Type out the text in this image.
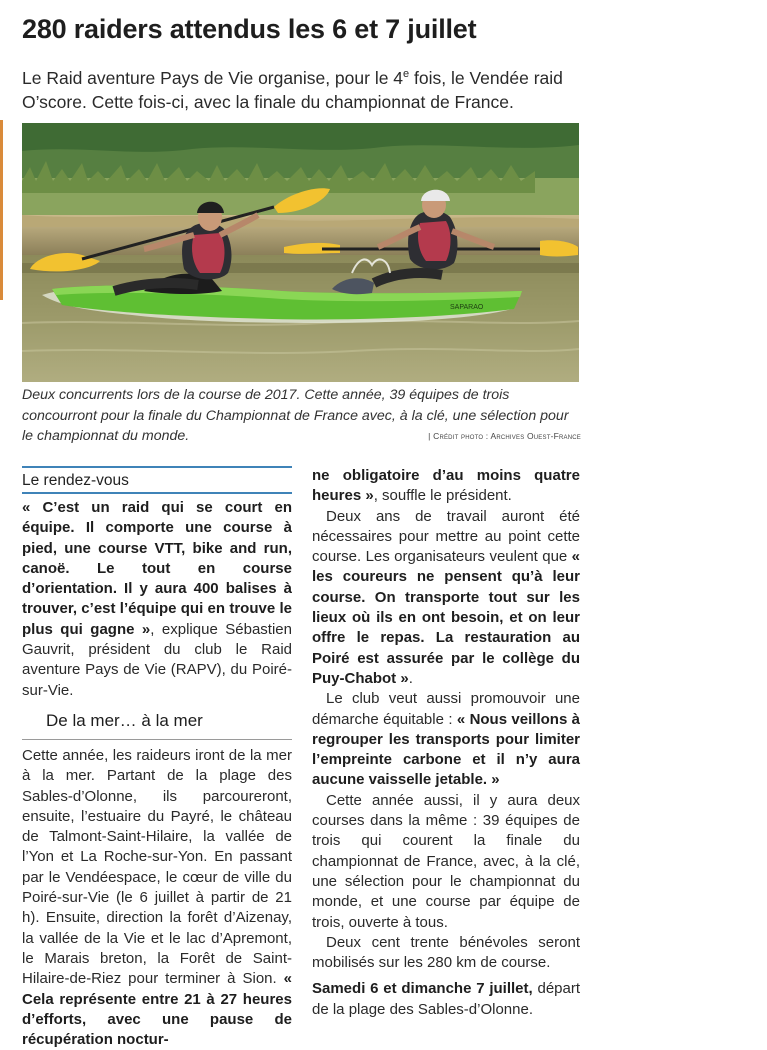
280 raiders attendus les 6 et 7 juillet

Le Raid aventure Pays de Vie organise, pour le 4e fois, le Vendée raid O’score. Cette fois-ci, avec la finale du championnat de France.

SAPARAO

Deux concurrents lors de la course de 2017. Cette année, 39 équipes de trois concourront pour la finale du Championnat de France avec, à la clé, une sélection pour le championnat du monde.	| Crédit photo : Archives Ouest-France
Le rendez-vous

« C’est un raid qui se court en équipe. Il comporte une course à pied, une course VTT, bike and run, canoë. Le tout en course d’orientation. Il y aura 400 balises à trouver, c’est l’équipe qui en trouve le plus qui gagne », explique Sébastien Gauvrit, président du club le Raid aventure Pays de Vie (RAPV), du Poiré-sur-Vie.

De la mer… à la mer

Cette année, les raideurs iront de la mer à la mer. Partant de la plage des Sables-d’Olonne, ils parcoureront, ensuite, l’estuaire du Payré, le château de Talmont-Saint-Hilaire, la vallée de l’Yon et La Roche-sur-Yon. En passant par le Vendéespace, le cœur de ville du Poiré-sur-Vie (le 6 juillet à partir de 21 h). Ensuite, direction la forêt d’Aizenay, la vallée de la Vie et le lac d’Apremont, le Marais breton, la Forêt de Saint-Hilaire-de-Riez pour terminer à Sion. « Cela représente entre 21 à 27 heures d’efforts, avec une pause de récupération noctur-

ne obligatoire d’au moins quatre heures », souffle le président.

Deux ans de travail auront été nécessaires pour mettre au point cette course. Les organisateurs veulent que « les coureurs ne pensent qu’à leur course. On transporte tout sur les lieux où ils en ont besoin, et on leur offre le repas. La restauration au Poiré est assurée par le collège du Puy-Chabot ».

Le club veut aussi promouvoir une démarche équitable : « Nous veillons à regrouper les transports pour limiter l’empreinte carbone et il n’y aura aucune vaisselle jetable. »

Cette année aussi, il y aura deux courses dans la même : 39 équipes de trois qui courent la finale du championnat de France, avec, à la clé, une sélection pour le championnat du monde, et une course par équipe de trois, ouverte à tous.

Deux cent trente bénévoles seront mobilisés sur les 280 km de course.

Samedi 6 et dimanche 7 juillet, départ de la plage des Sables-d’Olonne.
